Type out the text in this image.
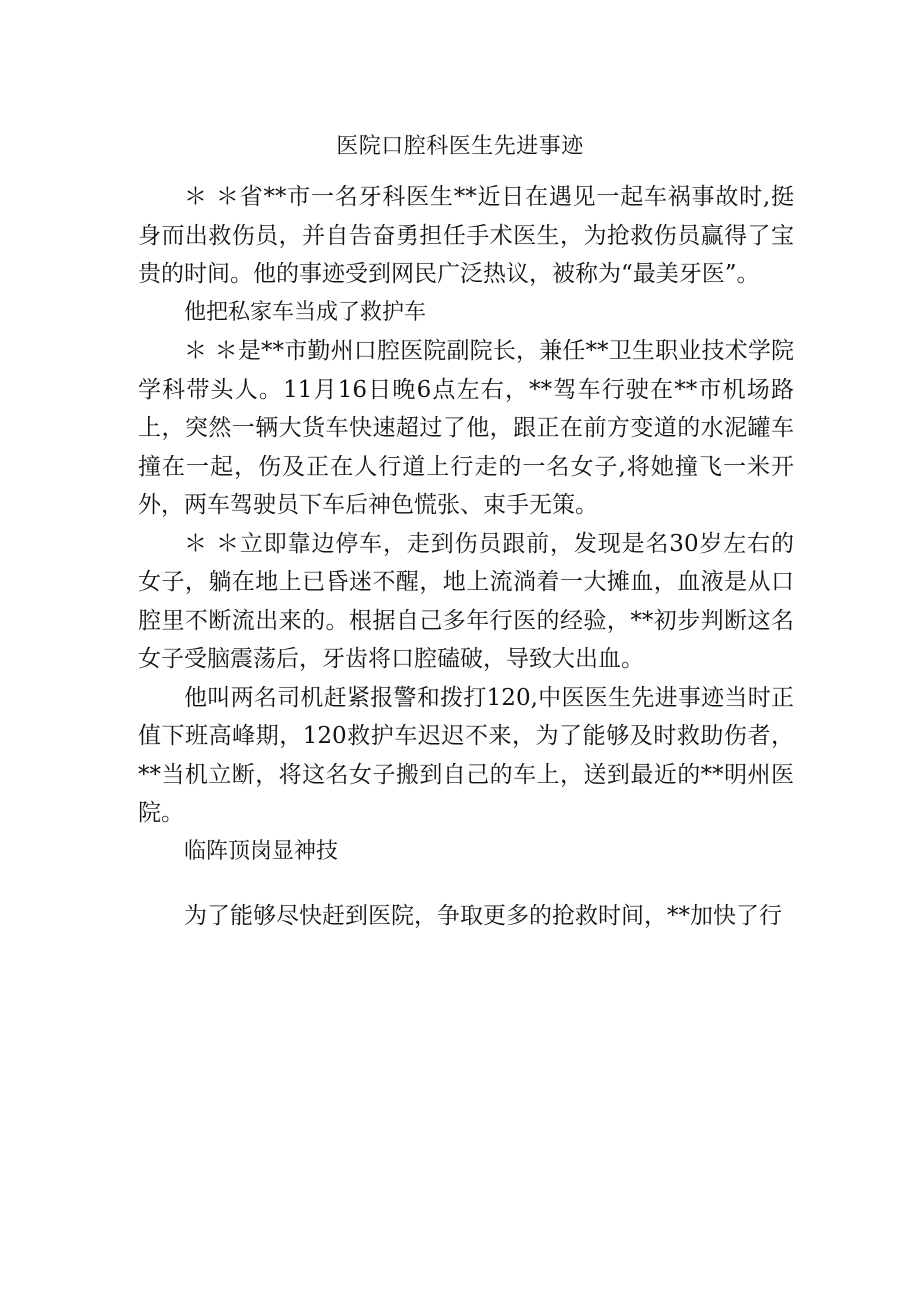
医院口腔科医生先进事迹

＊ ＊省**市一名牙科医生**近日在遇见一起车祸事故时,挺身而出救伤员，并自告奋勇担任手术医生，为抢救伤员赢得了宝贵的时间。他的事迹受到网民广泛热议，被称为“最美牙医”。

他把私家车当成了救护车

＊ ＊是**市勤州口腔医院副院长，兼任**卫生职业技术学院学科带头人。11月16日晚6点左右，**驾车行驶在**市机场路上，突然一辆大货车快速超过了他，跟正在前方变道的水泥罐车撞在一起，伤及正在人行道上行走的一名女子,将她撞飞一米开外，两车驾驶员下车后神色慌张、束手无策。

＊ ＊立即靠边停车，走到伤员跟前，发现是名30岁左右的女子，躺在地上已昏迷不醒，地上流淌着一大摊血，血液是从口腔里不断流出来的。根据自己多年行医的经验，**初步判断这名女子受脑震荡后，牙齿将口腔磕破，导致大出血。

他叫两名司机赶紧报警和拨打120,中医医生先进事迹当时正值下班高峰期，120救护车迟迟不来，为了能够及时救助伤者，**当机立断，将这名女子搬到自己的车上，送到最近的**明州医院。

临阵顶岗显神技

为了能够尽快赶到医院，争取更多的抢救时间，**加快了行
